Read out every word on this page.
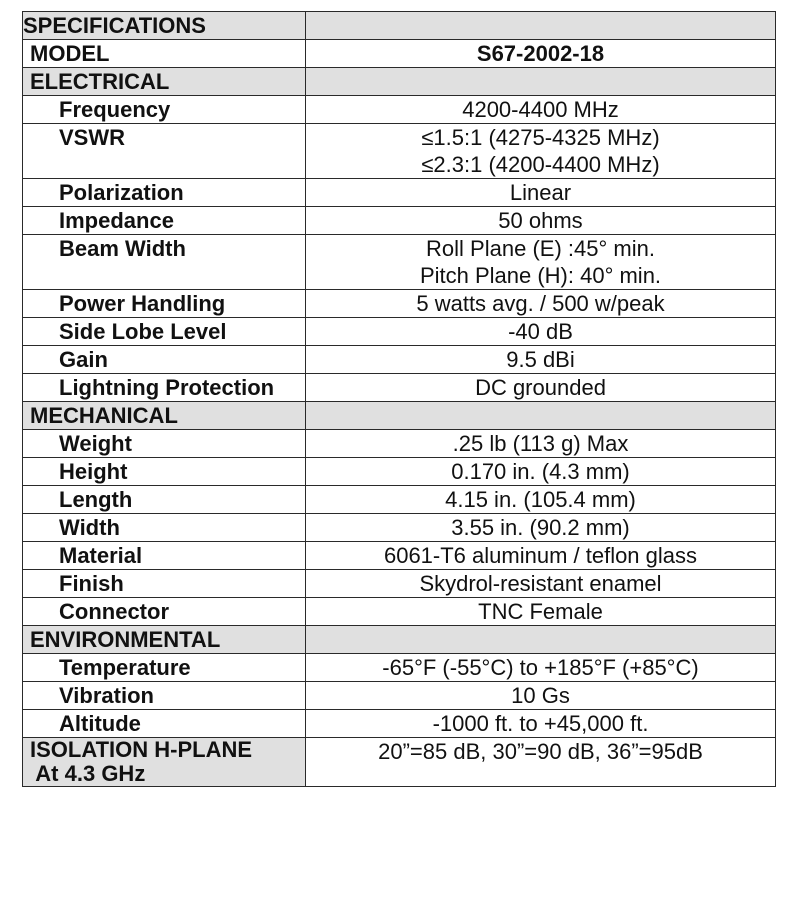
SPECIFICATIONS	
MODEL	S67-2002-18
ELECTRICAL	
Frequency	4200-4400 MHz

VSWR	≤1.5:1 (4275-4325 MHz)
≤2.3:1 (4200-4400 MHz)

Polarization	Linear

Impedance	50 ohms

Beam Width	Roll Plane (E) :45° min.
Pitch Plane (H): 40° min.

Power Handling	5 watts avg. / 500 w/peak

Side Lobe Level	-40 dB

Gain	9.5 dBi

Lightning Protection	DC grounded

MECHANICAL	
Weight	.25 lb (113 g) Max

Height	0.170 in. (4.3 mm)

Length	4.15 in. (105.4 mm)

Width	3.55 in. (90.2 mm)

Material	6061-T6 aluminum / teflon glass

Finish	Skydrol-resistant enamel

Connector	TNC Female

ENVIRONMENTAL	
Temperature	-65°F (-55°C) to +185°F (+85°C)

Vibration	10 Gs

Altitude	-1000 ft. to +45,000 ft.

ISOLATION H-PLANE
At 4.3 GHz	20”=85 dB, 30”=90 dB, 36”=95dB
